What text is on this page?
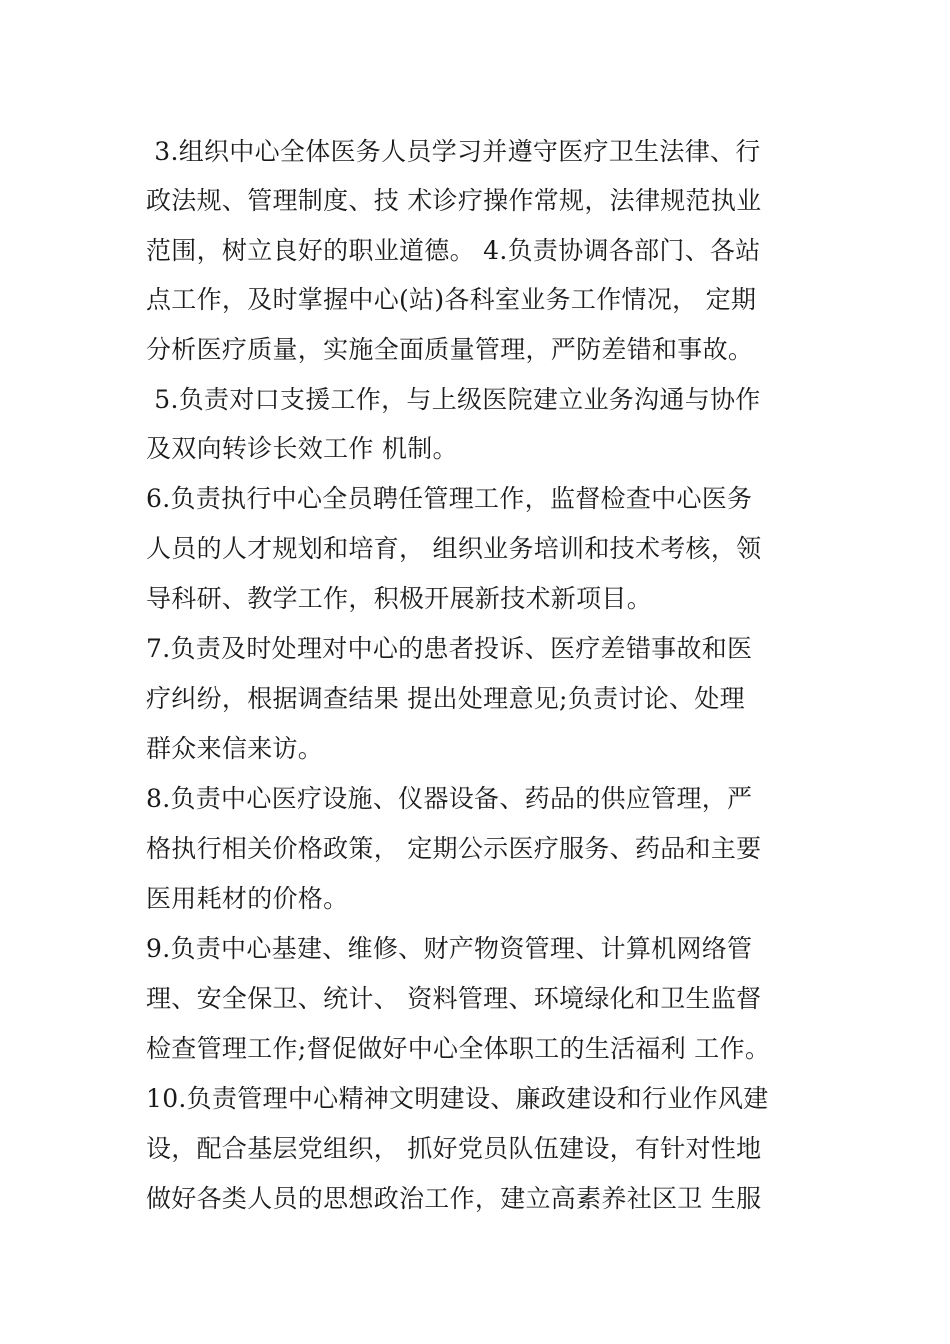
3.组织中心全体医务人员学习并遵守医疗卫生法律、行
政法规、管理制度、技 术诊疗操作常规，法律规范执业
范围，树立良好的职业道德。 4.负责协调各部门、各站
点工作，及时掌握中心(站)各科室业务工作情况， 定期
分析医疗质量，实施全面质量管理，严防差错和事故。
5.负责对口支援工作，与上级医院建立业务沟通与协作
及双向转诊长效工作 机制。
6.负责执行中心全员聘任管理工作，监督检查中心医务
人员的人才规划和培育， 组织业务培训和技术考核，领
导科研、教学工作，积极开展新技术新项目。
7.负责及时处理对中心的患者投诉、医疗差错事故和医
疗纠纷，根据调查结果 提出处理意见;负责讨论、处理
群众来信来访。
8.负责中心医疗设施、仪器设备、药品的供应管理，严
格执行相关价格政策， 定期公示医疗服务、药品和主要
医用耗材的价格。
9.负责中心基建、维修、财产物资管理、计算机网络管
理、安全保卫、统计、 资料管理、环境绿化和卫生监督
检查管理工作;督促做好中心全体职工的生活福利 工作。
10.负责管理中心精神文明建设、廉政建设和行业作风建
设，配合基层党组织， 抓好党员队伍建设，有针对性地
做好各类人员的思想政治工作，建立高素养社区卫 生服
